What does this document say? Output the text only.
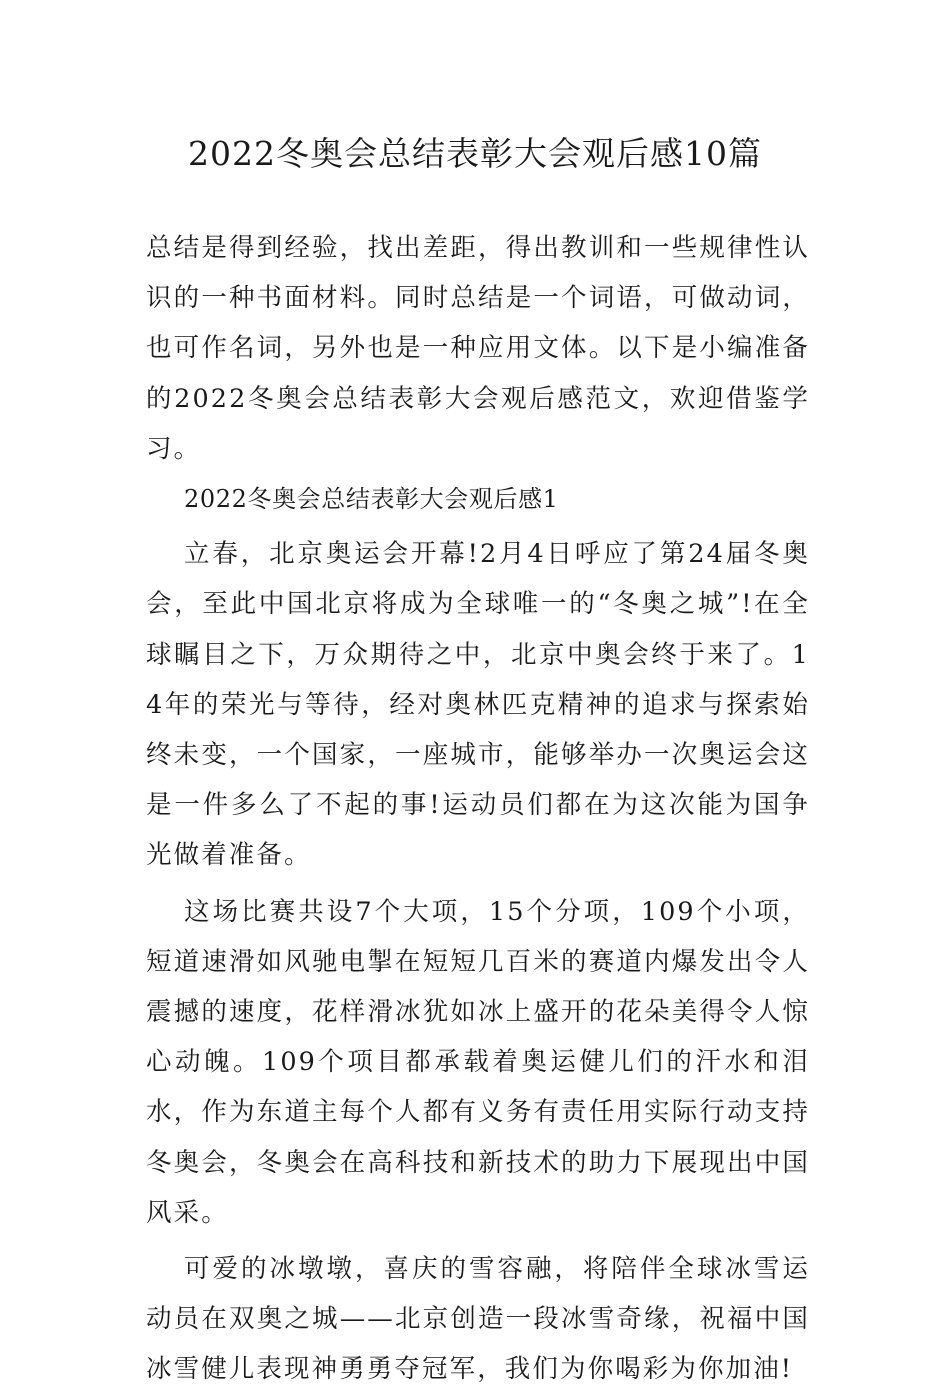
2022冬奥会总结表彰大会观后感10篇

总结是得到经验，找出差距，得出教训和一些规律性认识的一种书面材料。同时总结是一个词语，可做动词，也可作名词，另外也是一种应用文体。以下是小编准备的2022冬奥会总结表彰大会观后感范文，欢迎借鉴学习。

2022冬奥会总结表彰大会观后感1

立春，北京奥运会开幕!2月4日呼应了第24届冬奥会，至此中国北京将成为全球唯一的“冬奥之城”!在全球瞩目之下，万众期待之中，北京中奥会终于来了。14年的荣光与等待，经对奥林匹克精神的追求与探索始终未变，一个国家，一座城市，能够举办一次奥运会这是一件多么了不起的事!运动员们都在为这次能为国争光做着准备。

这场比赛共设7个大项，15个分项，109个小项，短道速滑如风驰电掣在短短几百米的赛道内爆发出令人震撼的速度，花样滑冰犹如冰上盛开的花朵美得令人惊心动魄。109个项目都承载着奥运健儿们的汗水和泪水，作为东道主每个人都有义务有责任用实际行动支持冬奥会，冬奥会在高科技和新技术的助力下展现出中国风采。

可爱的冰墩墩，喜庆的雪容融，将陪伴全球冰雪运动员在双奥之城——北京创造一段冰雪奇缘，祝福中国冰雪健儿表现神勇勇夺冠军，我们为你喝彩为你加油!
